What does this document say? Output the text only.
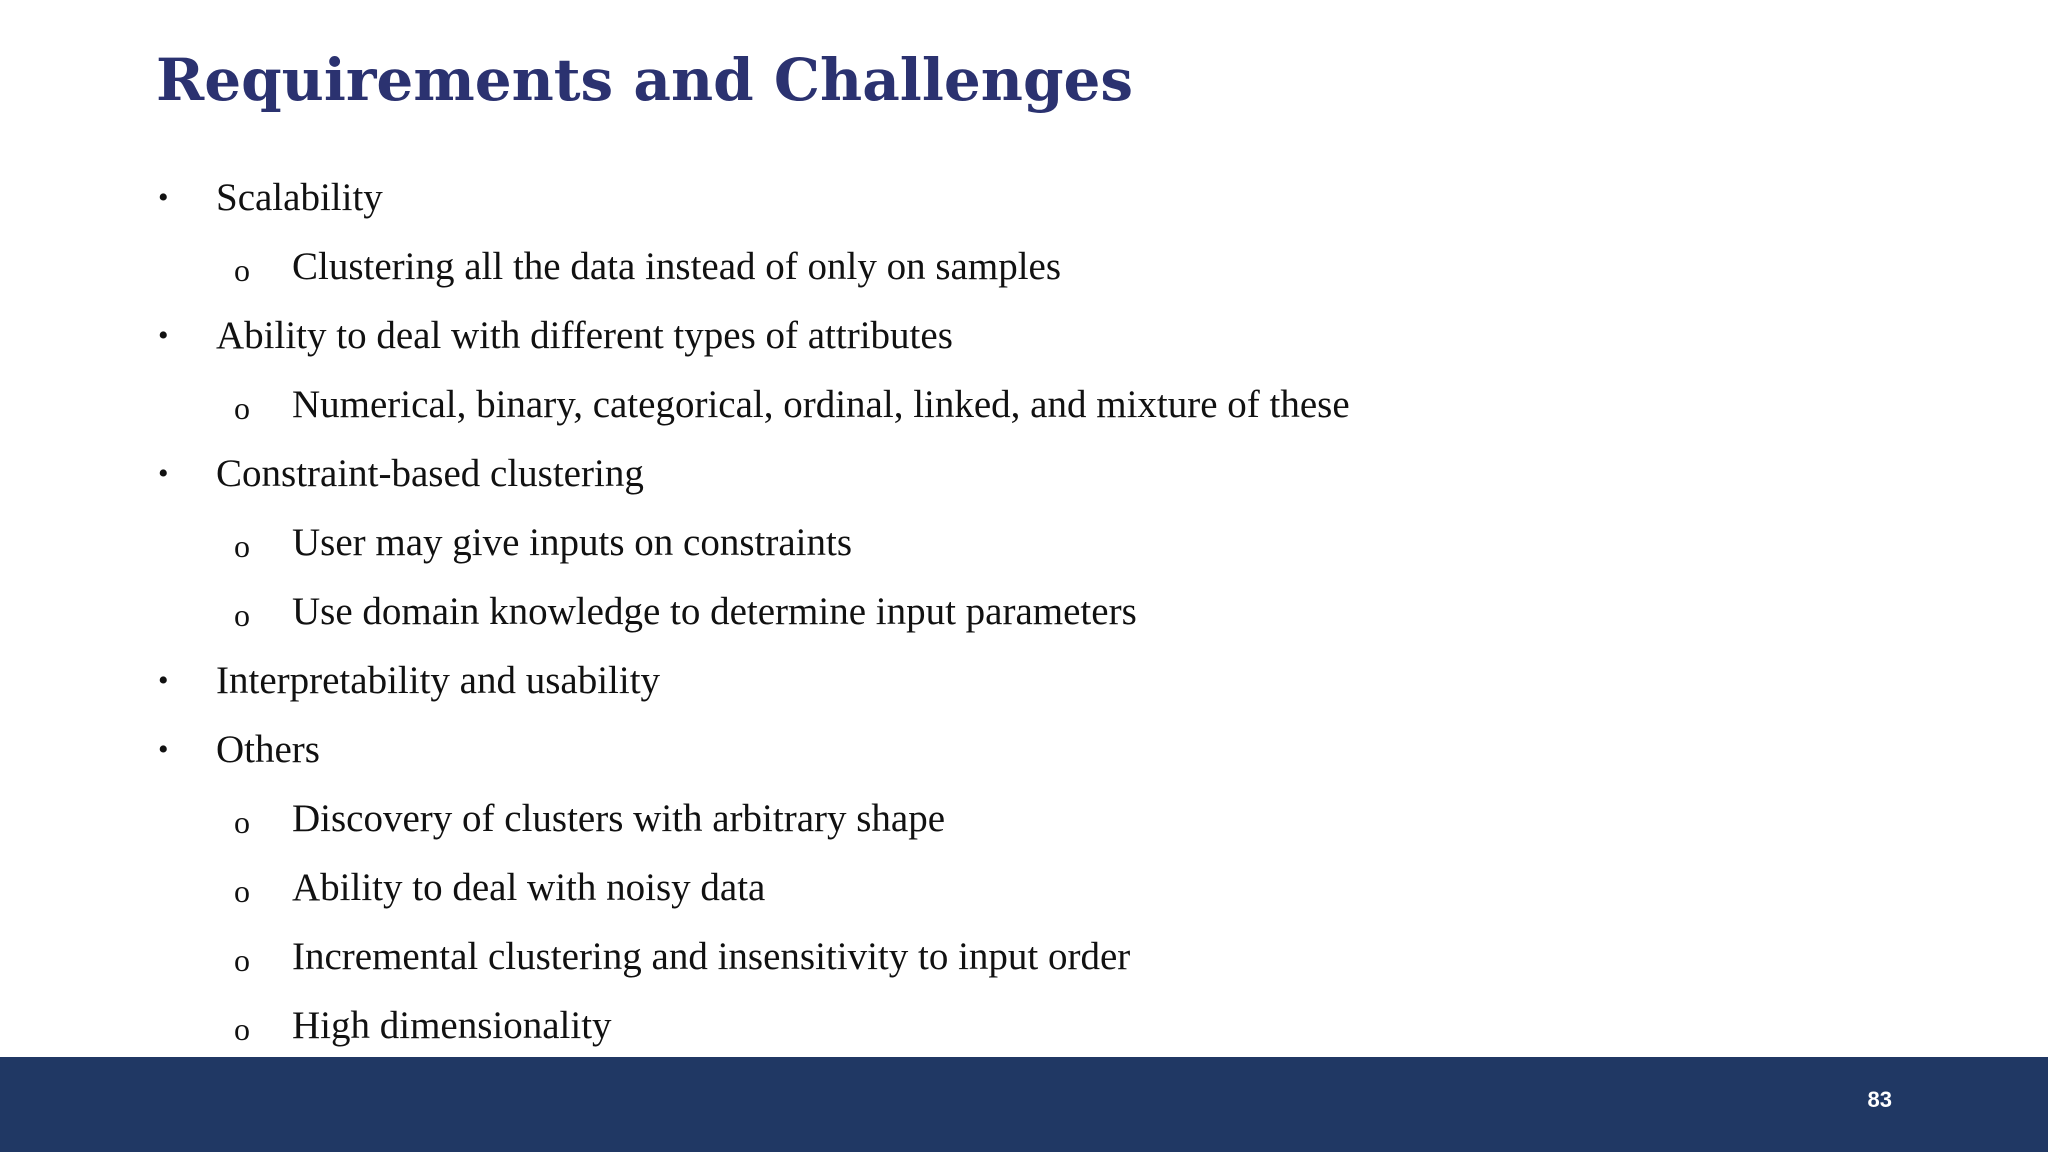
Requirements and Challenges
• Scalability
o Clustering all the data instead of only on samples
• Ability to deal with different types of attributes
o Numerical, binary, categorical, ordinal, linked, and mixture of these
• Constraint-based clustering
o User may give inputs on constraints
o Use domain knowledge to determine input parameters
• Interpretability and usability
• Others
o Discovery of clusters with arbitrary shape
o Ability to deal with noisy data
o Incremental clustering and insensitivity to input order
o High dimensionality
83
